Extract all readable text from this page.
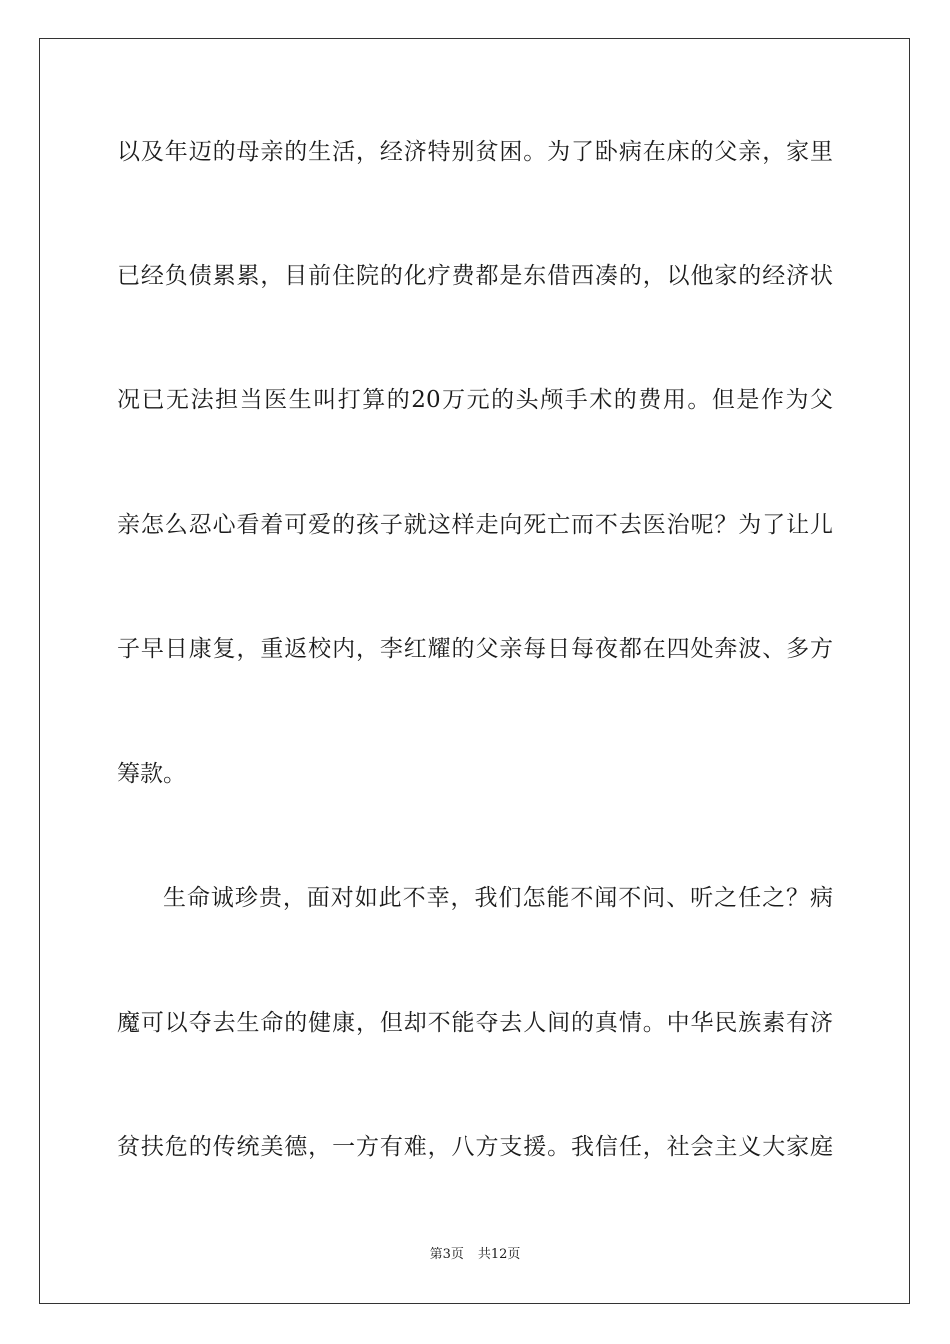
以及年迈的母亲的生活，经济特别贫困。为了卧病在床的父亲，家里

已经负债累累，目前住院的化疗费都是东借西凑的，以他家的经济状

况已无法担当医生叫打算的20万元的头颅手术的费用。但是作为父

亲怎么忍心看着可爱的孩子就这样走向死亡而不去医治呢？为了让儿

子早日康复，重返校内，李红耀的父亲每日每夜都在四处奔波、多方

筹款。

生命诚珍贵，面对如此不幸，我们怎能不闻不问、听之任之？病

魔可以夺去生命的健康，但却不能夺去人间的真情。中华民族素有济

贫扶危的传统美德，一方有难，八方支援。我信任，社会主义大家庭

第3页 共12页
